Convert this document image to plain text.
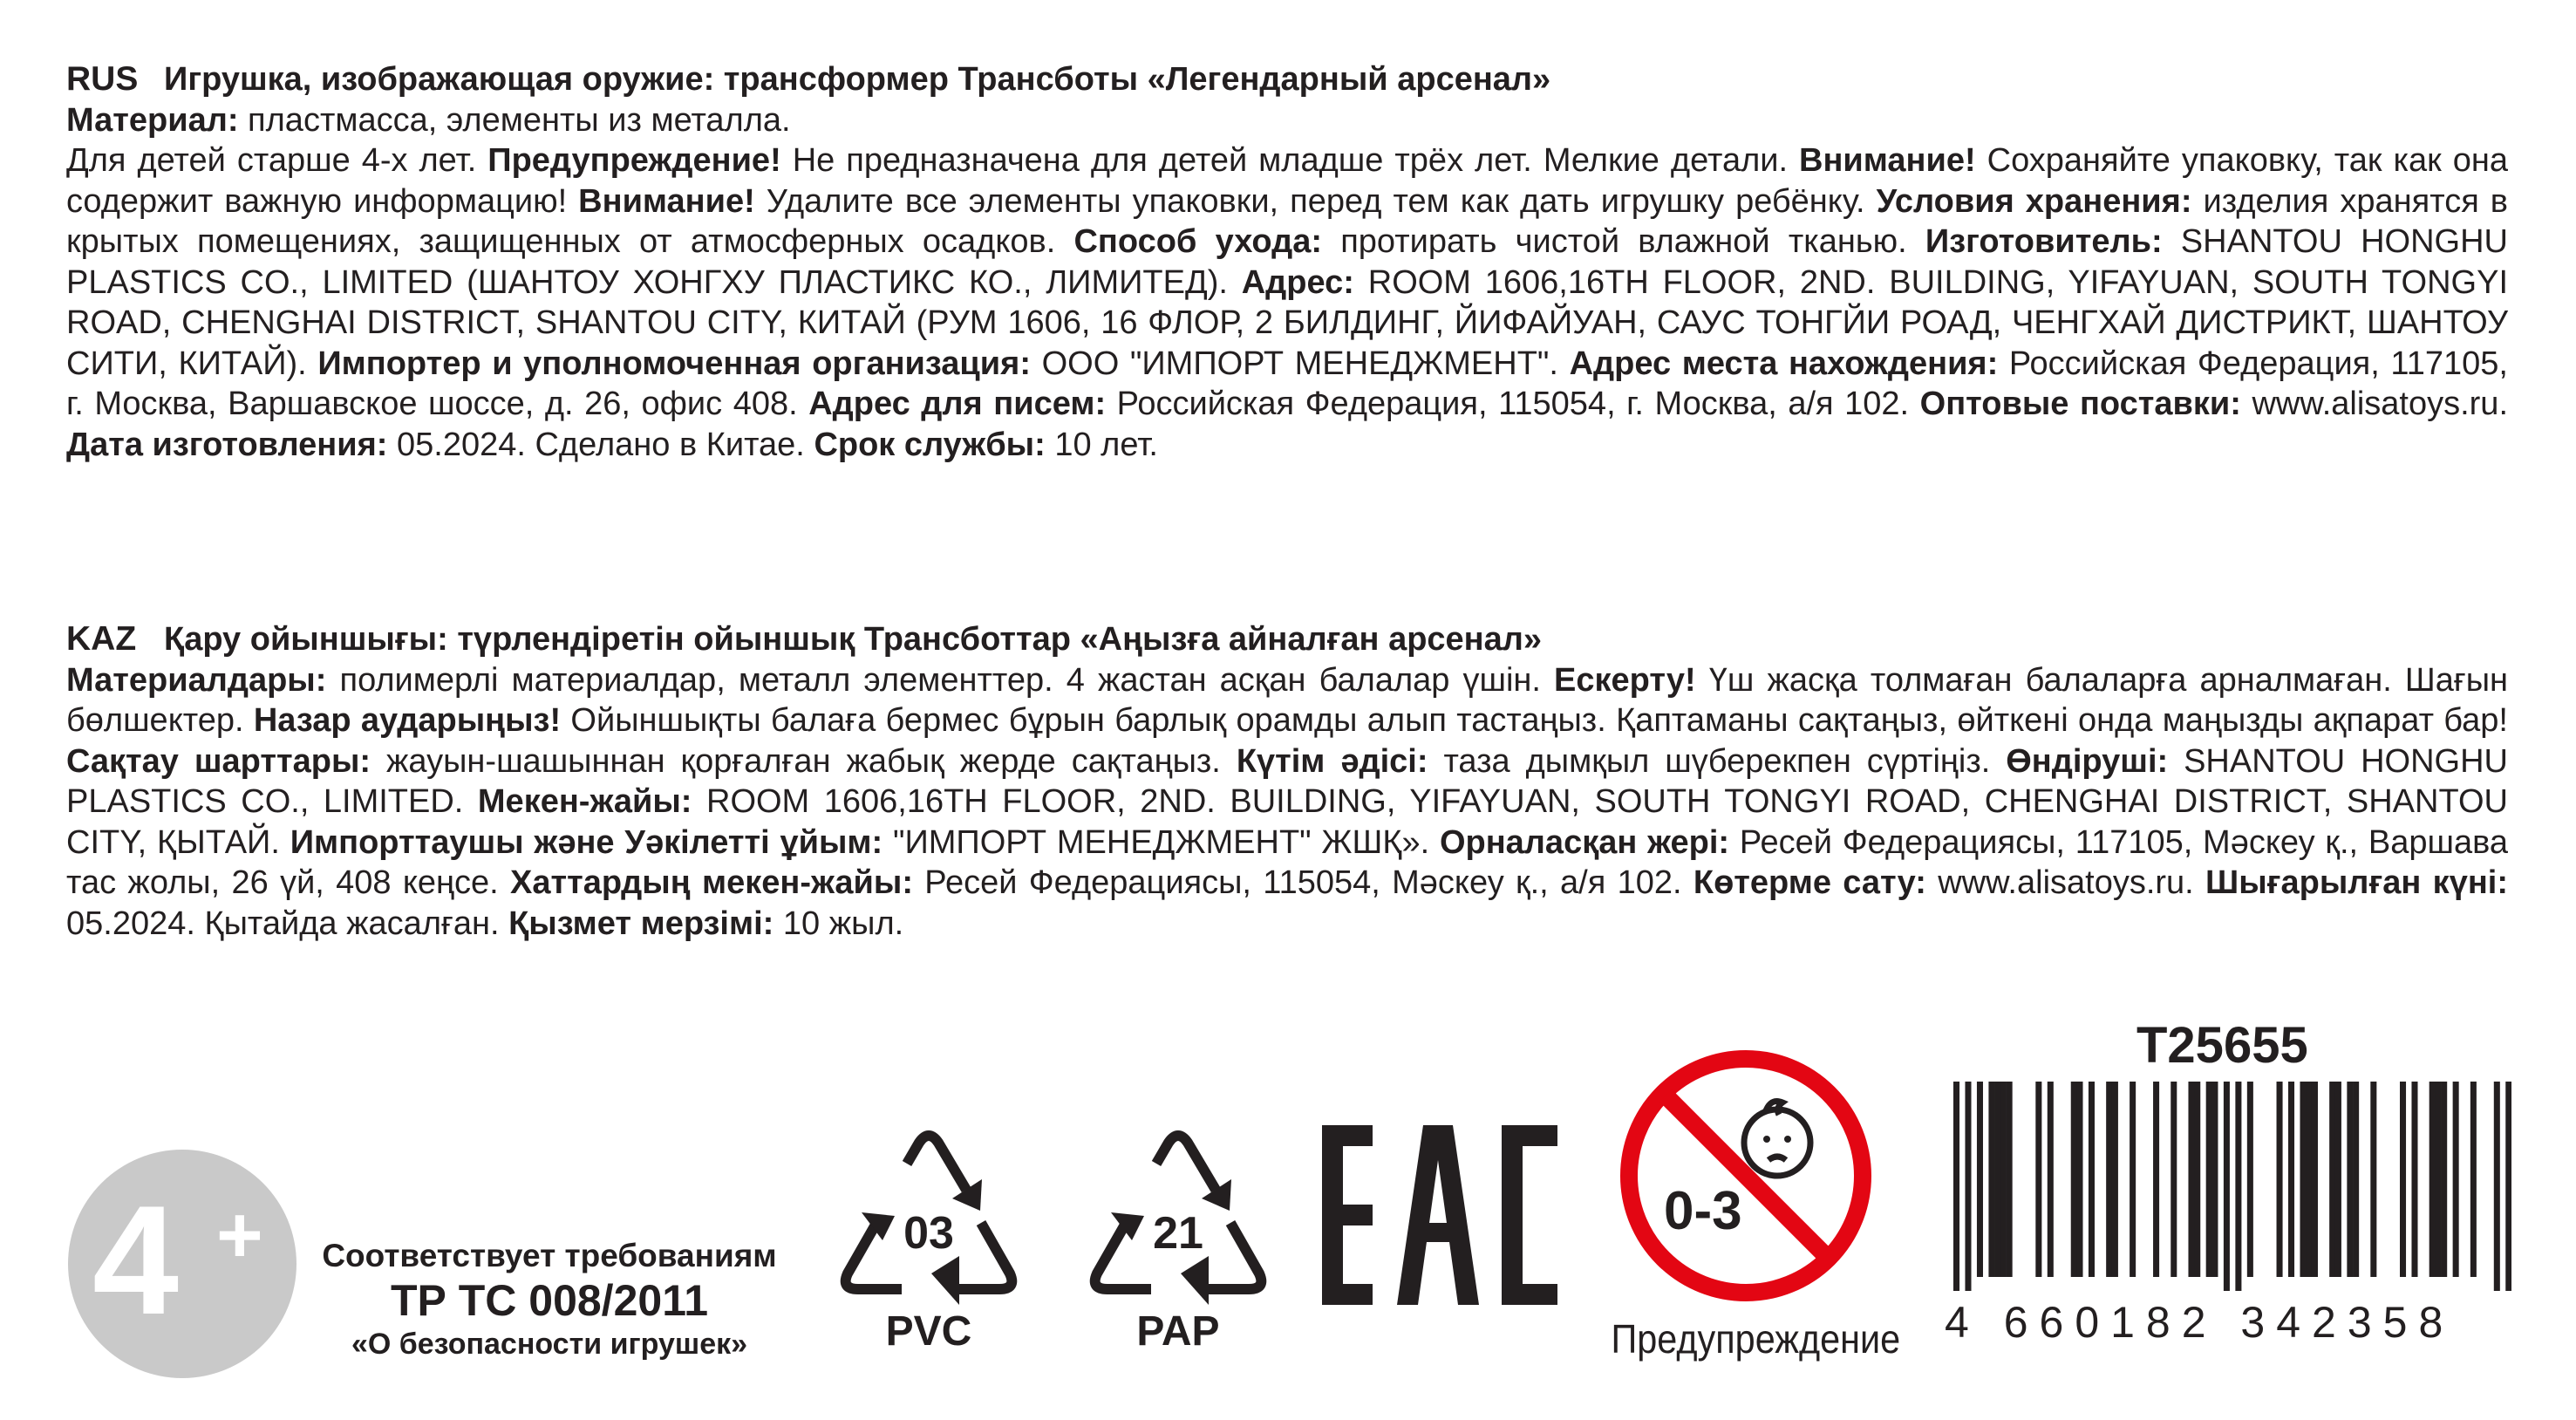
RUS Игрушка, изображающая оружие: трансформер Трансботы «Легендарный арсенал»

Материал: пластмасса, элементы из металла.

Для детей старше 4-х лет. Предупреждение! Не предназначена для детей младше трёх лет. Мелкие детали. Внимание! Сохраняйте упаковку, так как она содержит важную информацию! Внимание! Удалите все элементы упаковки, перед тем как дать игрушку ребёнку. Условия хранения: изделия хранятся в крытых помещениях, защищенных от атмосферных осадков. Способ ухода: протирать чистой влажной тканью. Изготовитель: SHANTOU HONGHU PLASTICS CO., LIMITED (ШАНТОУ ХОНГХУ ПЛАСТИКС КО., ЛИМИТЕД). Адрес: ROOM 1606,16TH FLOOR, 2ND. BUILDING, YIFAYUAN, SOUTH TONGYI ROAD, CHENGHAI DISTRICT, SHANTOU CITY, КИТАЙ (РУМ 1606, 16 ФЛОР, 2 БИЛДИНГ, ЙИФАЙУАН, САУС ТОНГЙИ РОАД, ЧЕНГХАЙ ДИСТРИКТ, ШАНТОУ СИТИ, КИТАЙ). Импортер и уполномоченная организация: ООО "ИМПОРТ МЕНЕДЖМЕНТ". Адрес места нахождения: Российская Федерация, 117105, г. Москва, Варшавское шоссе, д. 26, офис 408. Адрес для писем: Российская Федерация, 115054, г. Москва, а/я 102. Оптовые поставки: www.alisatoys.ru. Дата изготовления: 05.2024. Сделано в Китае. Срок службы: 10 лет.

KAZ Қару ойыншығы: түрлендіретін ойыншық Трансботтар «Аңызға айналған арсенал»

Материалдары: полимерлі материалдар, металл элементтер. 4 жастан асқан балалар үшін. Ескерту! Үш жасқа толмаған балаларға арналмаған. Шағын бөлшектер. Назар аударыңыз! Ойыншықты балаға бермес бұрын барлық орамды алып тастаңыз. Қаптаманы сақтаңыз, өйткені онда маңызды ақпарат бар! Сақтау шарттары: жауын-шашыннан қорғалған жабық жерде сақтаңыз. Күтім әдісі: таза дымқыл шүберекпен сүртіңіз. Өндіруші: SHANTOU HONGHU PLASTICS CO., LIMITED. Мекен-жайы: ROOM 1606,16TH FLOOR, 2ND. BUILDING, YIFAYUAN, SOUTH TONGYI ROAD, CHENGHAI DISTRICT, SHANTOU CITY, ҚЫТАЙ. Импорттаушы және Уәкілетті ұйым: "ИМПОРТ МЕНЕДЖМЕНТ" ЖШҚ». Орналасқан жері: Ресей Федерациясы, 117105, Мәскеу қ., Варшава тас жолы, 26 үй, 408 кеңсе. Хаттардың мекен-жайы: Ресей Федерациясы, 115054, Мәскеу қ., а/я 102. Көтерме сату: www.alisatoys.ru. Шығарылған күні: 05.2024. Қытайда жасалған. Қызмет мерзімі: 10 жыл.

4 + Соответствует требованиям
ТР ТС 008/2011
«О безопасности игрушек»
03
PVC
21
PAP
0-3
Предупреждение
T25655
4 660182 342358
